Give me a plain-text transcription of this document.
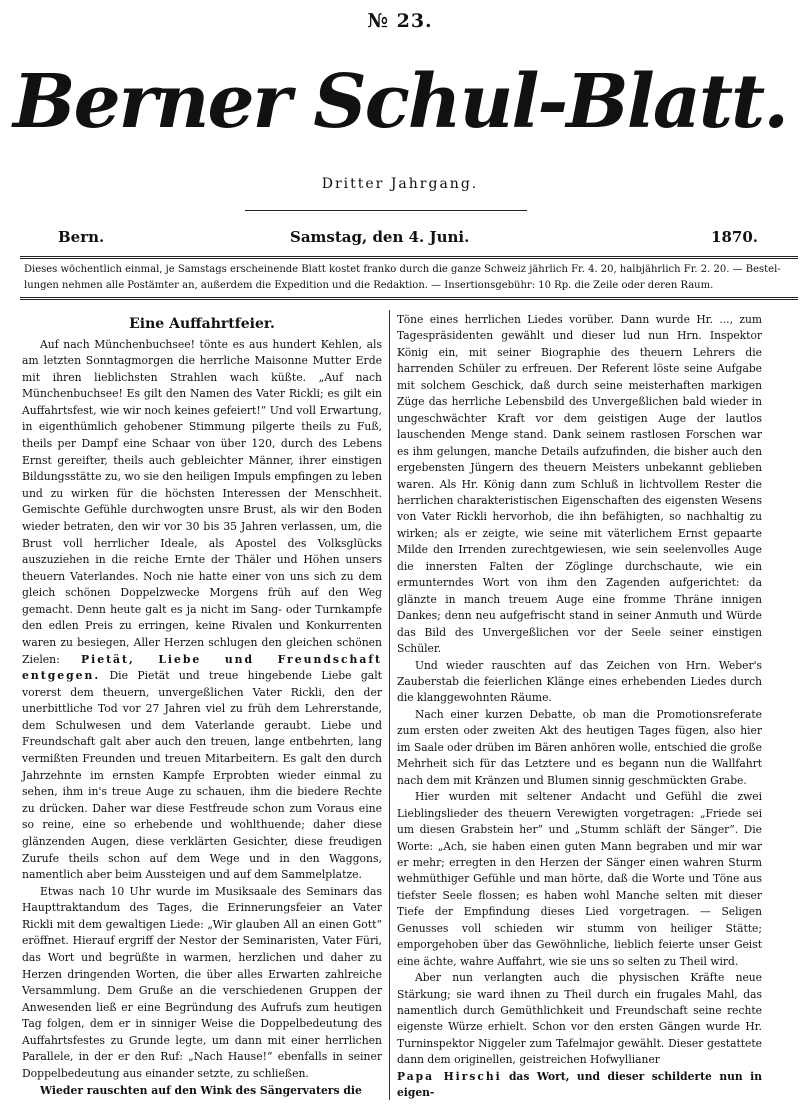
№ 23.
Berner Schul-Blatt.
Dritter Jahrgang.
Bern.	Samstag, den 4. Juni.	1870.

Dieses wöchentlich einmal, je Samstags erscheinende Blatt kostet franko durch die ganze Schweiz jährlich Fr. 4. 20, halbjährlich Fr. 2. 20. — Bestel-

lungen nehmen alle Postämter an, außerdem die Expedition und die Redaktion. — Insertionsgebühr: 10 Rp. die Zeile oder deren Raum.

Eine Auffahrtfeier.

Auf nach Münchenbuchsee! tönte es aus hundert Kehlen, als am letzten Sonntagmorgen die herrliche Maisonne Mutter Erde mit ihren lieblichsten Strahlen wach küßte. „Auf nach Münchenbuchsee! Es gilt den Namen des Vater Rickli; es gilt ein Auffahrtsfest, wie wir noch keines gefeiert!“ Und voll Erwartung, in eigenthümlich gehobener Stimmung pilgerte theils zu Fuß, theils per Dampf eine Schaar von über 120, durch des Lebens Ernst gereifter, theils auch gebleichter Männer, ihrer einstigen Bildungsstätte zu, wo sie den heiligen Impuls empfingen zu leben und zu wirken für die höchsten Interessen der Menschheit. Gemischte Gefühle durchwogten unsre Brust, als wir den Boden wieder betraten, den wir vor 30 bis 35 Jahren verlassen, um, die Brust voll herrlicher Ideale, als Apostel des Volksglücks auszuziehen in die reiche Ernte der Thäler und Höhen unsers theuern Vaterlandes. Noch nie hatte einer von uns sich zu dem gleich schönen Doppelzwecke Morgens früh auf den Weg gemacht. Denn heute galt es ja nicht im Sang- oder Turnkampfe den edlen Preis zu erringen, keine Rivalen und Konkurrenten waren zu besiegen, Aller Herzen schlugen den gleichen schönen Zielen: Pietät, Liebe und Freundschaft entgegen. Die Pietät und treue hingebende Liebe galt vorerst dem theuern, unvergeßlichen Vater Rickli, den der unerbittliche Tod vor 27 Jahren viel zu früh dem Lehrerstande, dem Schulwesen und dem Vaterlande geraubt. Liebe und Freundschaft galt aber auch den treuen, lange entbehrten, lang vermißten Freunden und treuen Mitarbeitern. Es galt den durch Jahrzehnte im ernsten Kampfe Erprobten wieder einmal zu sehen, ihm in's treue Auge zu schauen, ihm die biedere Rechte zu drücken. Daher war diese Festfreude schon zum Voraus eine so reine, eine so erhebende und wohlthuende; daher diese glänzenden Augen, diese verklärten Gesichter, diese freudigen Zurufe theils schon auf dem Wege und in den Waggons, namentlich aber beim Aussteigen und auf dem Sammelplatze.

Etwas nach 10 Uhr wurde im Musiksaale des Seminars das Haupttraktandum des Tages, die Erinnerungsfeier an Vater Rickli mit dem gewaltigen Liede: „Wir glauben All an einen Gott“ eröffnet. Hierauf ergriff der Nestor der Seminaristen, Vater Füri, das Wort und begrüßte in warmen, herzlichen und daher zu Herzen dringenden Worten, die über alles Erwarten zahlreiche Versammlung. Dem Gruße an die verschiedenen Gruppen der Anwesenden ließ er eine Begründung des Aufrufs zum heutigen Tag folgen, dem er in sinniger Weise die Doppelbedeutung des Auffahrtsfestes zu Grunde legte, um dann mit einer herrlichen Parallele, in der er den Ruf: „Nach Hause!“ ebenfalls in seiner Doppelbedeutung aus einander setzte, zu schließen.

Wieder rauschten auf den Wink des Sängervaters die

Töne eines herrlichen Liedes vorüber. Dann wurde Hr. ..., zum Tagespräsidenten gewählt und dieser lud nun Hrn. Inspektor König ein, mit seiner Biographie des theuern Lehrers die harrenden Schüler zu erfreuen. Der Referent löste seine Aufgabe mit solchem Geschick, daß durch seine meisterhaften markigen Züge das herrliche Lebensbild des Unvergeßlichen bald wieder in ungeschwächter Kraft vor dem geistigen Auge der lautlos lauschenden Menge stand. Dank seinem rastlosen Forschen war es ihm gelungen, manche Details aufzufinden, die bisher auch den ergebensten Jüngern des theuern Meisters unbekannt geblieben waren. Als Hr. König dann zum Schluß in lichtvollem Rester die herrlichen charakteristischen Eigenschaften des eigensten Wesens von Vater Rickli hervorhob, die ihn befähigten, so nachhaltig zu wirken; als er zeigte, wie seine mit väterlichem Ernst gepaarte Milde den Irrenden zurechtgewiesen, wie sein seelenvolles Auge die innersten Falten der Zöglinge durchschaute, wie ein ermunterndes Wort von ihm den Zagenden aufgerichtet: da glänzte in manch treuem Auge eine fromme Thräne innigen Dankes; denn neu aufgefrischt stand in seiner Anmuth und Würde das Bild des Unvergeßlichen vor der Seele seiner einstigen Schüler.

Und wieder rauschten auf das Zeichen von Hrn. Weber's Zauberstab die feierlichen Klänge eines erhebenden Liedes durch die klanggewohnten Räume.

Nach einer kurzen Debatte, ob man die Promotionsreferate zum ersten oder zweiten Akt des heutigen Tages fügen, also hier im Saale oder drüben im Bären anhören wolle, entschied die große Mehrheit sich für das Letztere und es begann nun die Wallfahrt nach dem mit Kränzen und Blumen sinnig geschmückten Grabe.

Hier wurden mit seltener Andacht und Gefühl die zwei Lieblingslieder des theuern Verewigten vorgetragen: „Friede sei um diesen Grabstein her“ und „Stumm schläft der Sänger“. Die Worte: „Ach, sie haben einen guten Mann begraben und mir war er mehr; erregten in den Herzen der Sänger einen wahren Sturm wehmüthiger Gefühle und man hörte, daß die Worte und Töne aus tiefster Seele flossen; es haben wohl Manche selten mit dieser Tiefe der Empfindung dieses Lied vorgetragen. — Seligen Genusses voll schieden wir stumm von heiliger Stätte; emporgehoben über das Gewöhnliche, lieblich feierte unser Geist eine ächte, wahre Auffahrt, wie sie uns so selten zu Theil wird.

Aber nun verlangten auch die physischen Kräfte neue Stärkung; sie ward ihnen zu Theil durch ein frugales Mahl, das namentlich durch Gemüthlichkeit und Freundschaft seine rechte eigenste Würze erhielt. Schon vor den ersten Gängen wurde Hr. Turninspektor Niggeler zum Tafelmajor gewählt. Dieser gestattete dann dem originellen, geistreichen Hofwyllianer

Papa Hirschi das Wort, und dieser schilderte nun in eigen-
